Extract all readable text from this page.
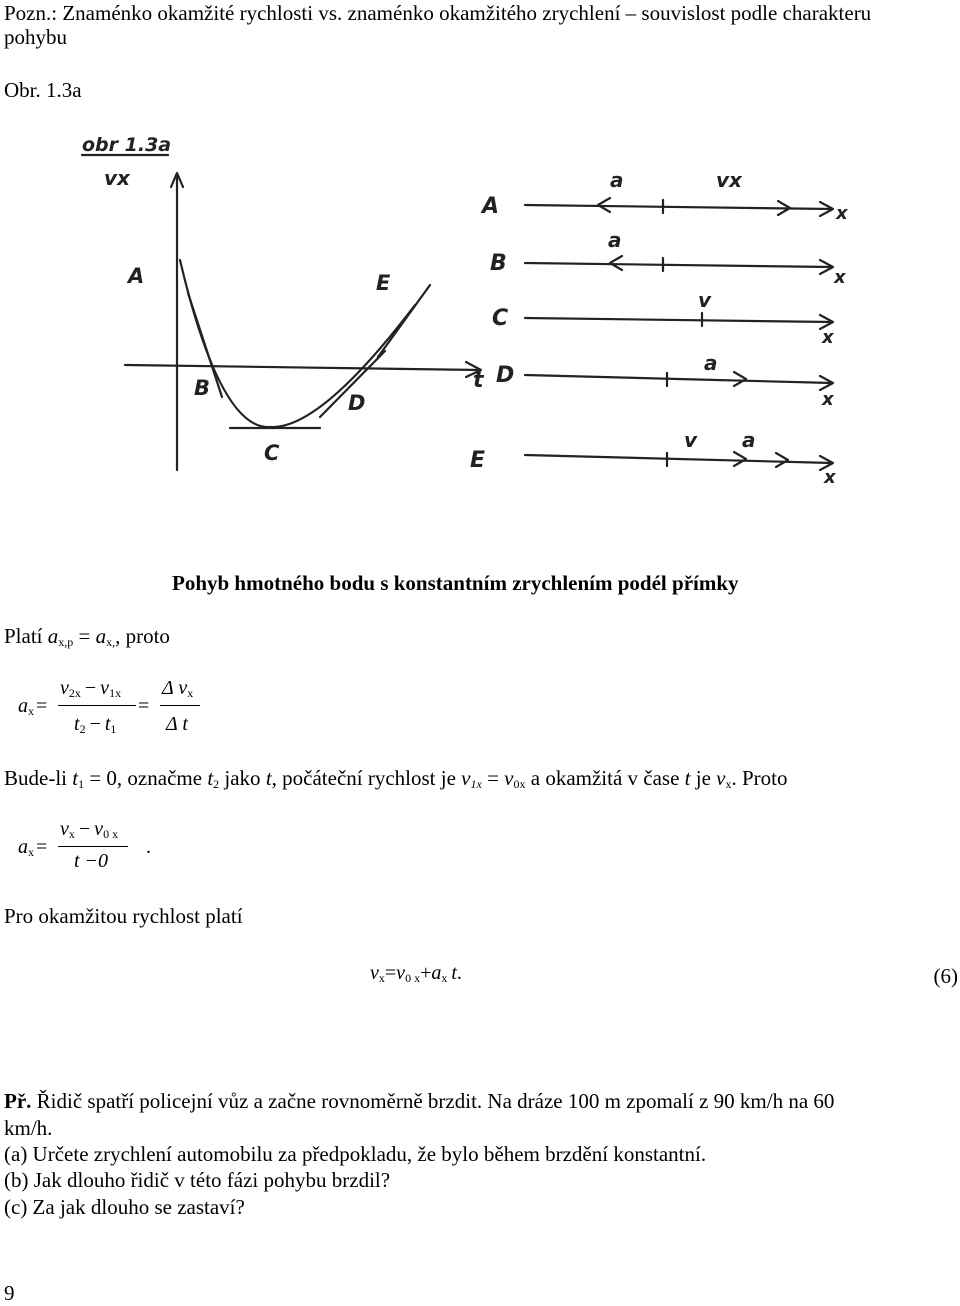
Pozn.: Znaménko okamžité rychlosti vs. znaménko okamžitého zrychlení – souvislost podle charakteru
pohybu
Obr. 1.3a
obr 1.3a
vx
t
A
B
C
D
E
A
a	vx
x
B
a
x
C
v
x
D	a
x
E
v a
x
Pohyb hmotného bodu s konstantním zrychlením podél přímky
Platí $a_{x,p} = a_{x,}$, proto
$a_x$ =
$v_{2x} - v_{1x}$
$t_2 - t_1$
=
Δ $v_x$
Δ t
Bude-li $t_1 = 0$, označme $t_2$ jako t, počáteční rychlost je $v_{1x} = v_{0x}$ a okamžitá v čase t je $v_x$. Proto
$a_x$ =
$v_x - v_{0 x}$
t −0
.
Pro okamžitou rychlost platí
$v_x=v_{0 x}+a_x$ t.	(6)
Př. Řidič spatří policejní vůz a začne rovnoměrně brzdit. Na dráze 100 m zpomalí z 90 km/h na 60
km/h.
(a) Určete zrychlení automobilu za předpokladu, že bylo během brzdění konstantní.
(b) Jak dlouho řidič v této fázi pohybu brzdil?
(c) Za jak dlouho se zastaví?
9
